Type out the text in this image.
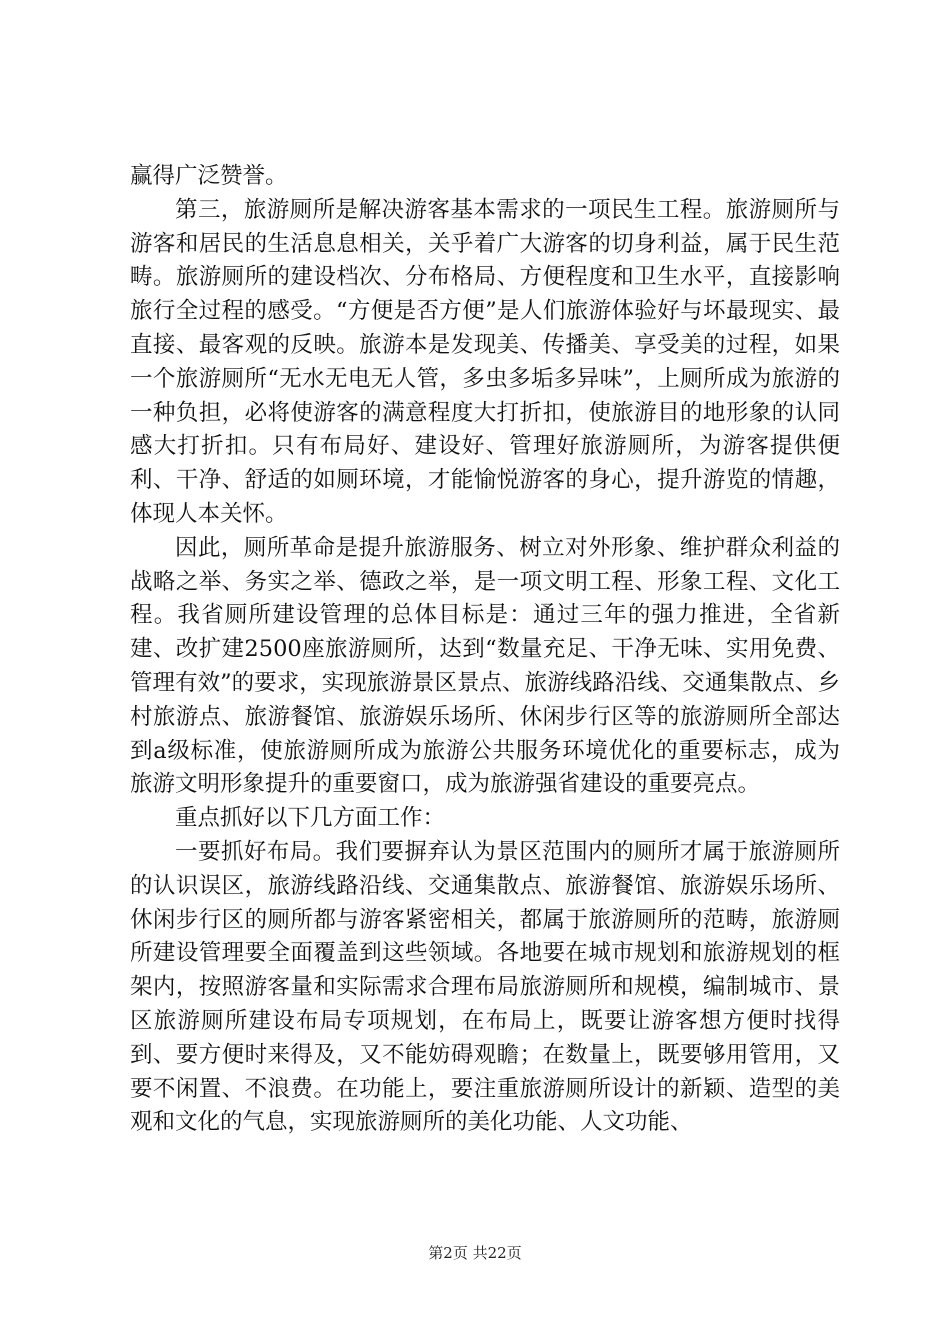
赢得广泛赞誉。

第三，旅游厕所是解决游客基本需求的一项民生工程。旅游厕所与游客和居民的生活息息相关，关乎着广大游客的切身利益，属于民生范畴。旅游厕所的建设档次、分布格局、方便程度和卫生水平，直接影响旅行全过程的感受。“方便是否方便”是人们旅游体验好与坏最现实、最直接、最客观的反映。旅游本是发现美、传播美、享受美的过程，如果一个旅游厕所“无水无电无人管，多虫多垢多异味”，上厕所成为旅游的一种负担，必将使游客的满意程度大打折扣，使旅游目的地形象的认同感大打折扣。只有布局好、建设好、管理好旅游厕所，为游客提供便利、干净、舒适的如厕环境，才能愉悦游客的身心，提升游览的情趣，体现人本关怀。

因此，厕所革命是提升旅游服务、树立对外形象、维护群众利益的战略之举、务实之举、德政之举，是一项文明工程、形象工程、文化工程。我省厕所建设管理的总体目标是：通过三年的强力推进，全省新建、改扩建2500座旅游厕所，达到“数量充足、干净无味、实用免费、管理有效”的要求，实现旅游景区景点、旅游线路沿线、交通集散点、乡村旅游点、旅游餐馆、旅游娱乐场所、休闲步行区等的旅游厕所全部达到a级标准，使旅游厕所成为旅游公共服务环境优化的重要标志，成为旅游文明形象提升的重要窗口，成为旅游强省建设的重要亮点。

重点抓好以下几方面工作：

一要抓好布局。我们要摒弃认为景区范围内的厕所才属于旅游厕所的认识误区，旅游线路沿线、交通集散点、旅游餐馆、旅游娱乐场所、休闲步行区的厕所都与游客紧密相关，都属于旅游厕所的范畴，旅游厕所建设管理要全面覆盖到这些领域。各地要在城市规划和旅游规划的框架内，按照游客量和实际需求合理布局旅游厕所和规模，编制城市、景区旅游厕所建设布局专项规划，在布局上，既要让游客想方便时找得到、要方便时来得及，又不能妨碍观瞻；在数量上，既要够用管用，又要不闲置、不浪费。在功能上，要注重旅游厕所设计的新颖、造型的美观和文化的气息，实现旅游厕所的美化功能、人文功能、

第2页 共22页
